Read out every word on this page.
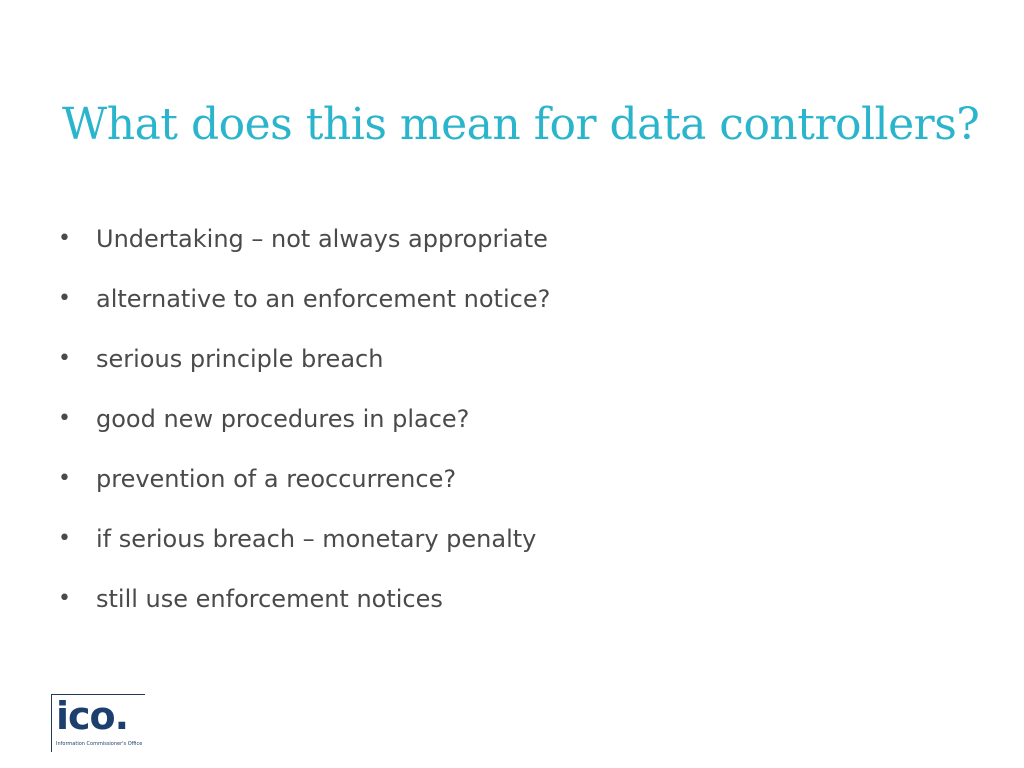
What does this mean for data controllers?
•	Undertaking – not always appropriate
•	alternative to an enforcement notice?
•	serious principle breach
•	good new procedures in place?
•	prevention of a reoccurrence?
•	if serious breach – monetary penalty
•	still use enforcement notices
ico.
Information Commissioner's Office
